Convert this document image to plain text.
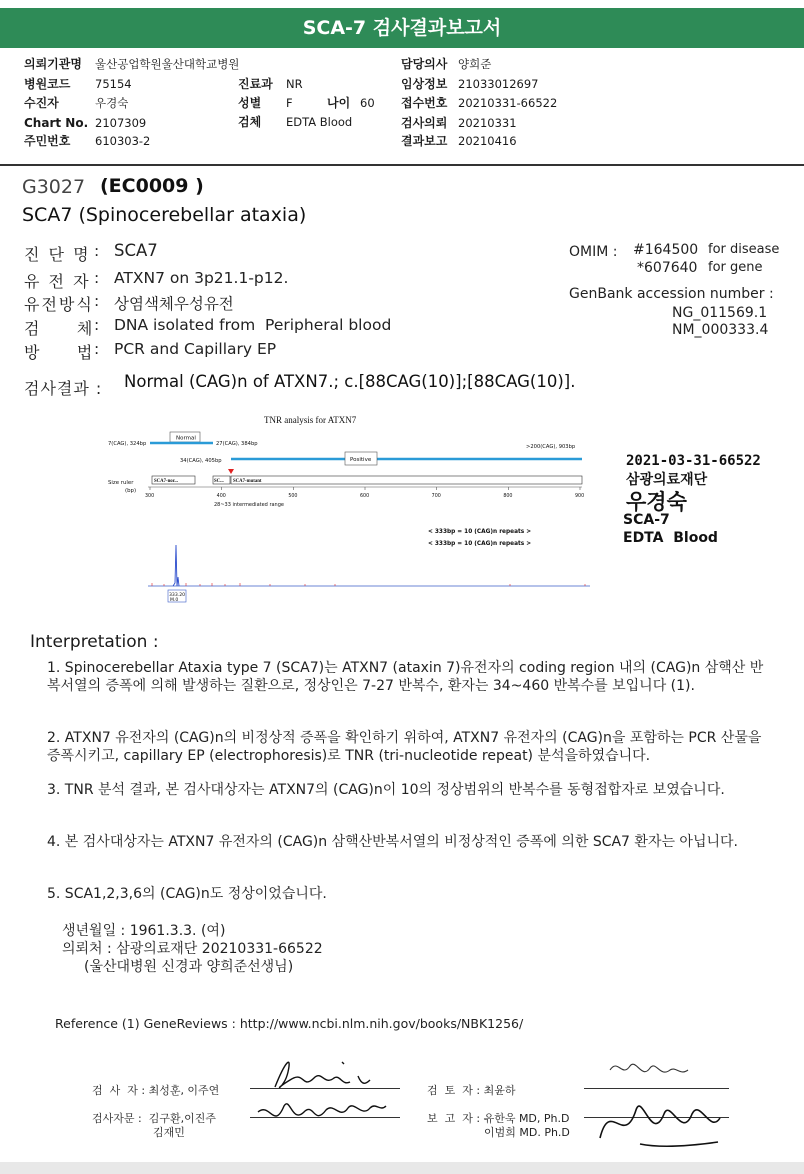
SCA-7 검사결과보고서
의뢰기관명 울산공업학원울산대학교병원
병원코드 75154
수진자	우경숙
Chart No. 2107309
주민번호 610303-2
진료과 NR
성별 F	나이 60
검체 EDTA Blood
담당의사 양희준
임상정보 21033012697
접수번호 20210331-66522
검사의뢰 20210331
결과보고 20210416
G3027 (EC0009 )
SCA7 (Spinocerebellar ataxia)
진 단 명 : SCA7
유 전 자 : ATXN7 on 3p21.1-p12.
유전방식 : 상염색체우성유전
검     체 : DNA isolated from  Peripheral blood
방     법 : PCR and Capillary EP
OMIM : #164500 for disease
*607640 for gene
GenBank accession number :
NG_011569.1
NM_000333.4
검사결과 : Normal (CAG)n of ATXN7.; c.[88CAG(10)];[88CAG(10)].
TNR analysis for ATXN7
7(CAG), 324bp
Normal
27(CAG), 384bp	>200(CAG), 903bp
34(CAG), 405bp	Positive
Size ruler
(bp)
SCA7-nor...	SC... SCA7-mutant
300	400	500	600	700	800	900
28~33 intermediated range
< 333bp = 10 (CAG)n repeats >
< 333bp = 10 (CAG)n repeats >
333.20
M.0
2021-03-31-66522
삼광의료재단
우경숙
SCA-7
EDTA  Blood
Interpretation :
1. Spinocerebellar Ataxia type 7 (SCA7)는 ATXN7 (ataxin 7)유전자의 coding region 내의 (CAG)n 삼핵산 반복서열의 증폭에 의해 발생하는 질환으로, 정상인은 7-27 반복수, 환자는 34~460 반복수를 보입니다 (1).
2. ATXN7 유전자의 (CAG)n의 비정상적 증폭을 확인하기 위하여, ATXN7 유전자의 (CAG)n을 포함하는 PCR 산물을 증폭시키고, capillary EP (electrophoresis)로 TNR (tri-nucleotide repeat) 분석을하였습니다.
3. TNR 분석 결과, 본 검사대상자는 ATXN7의 (CAG)n이 10의 정상범위의 반복수를 동형접합자로 보였습니다.
4. 본 검사대상자는 ATXN7 유전자의 (CAG)n 삼핵산반복서열의 비정상적인 증폭에 의한 SCA7 환자는 아닙니다.
5. SCA1,2,3,6의 (CAG)n도 정상이었습니다.
생년월일 : 1961.3.3. (여)
의뢰처 : 삼광의료재단 20210331-66522
(울산대병원 신경과 양희준선생님)
Reference (1) GeneReviews : http://www.ncbi.nlm.nih.gov/books/NBK1256/
검  사  자 : 최성훈, 이주연
검사자문 :  김구환,이진주
김재민
검  토  자 : 최윤하
보  고  자 : 유한욱 MD, Ph.D
이범희 MD. Ph.D
